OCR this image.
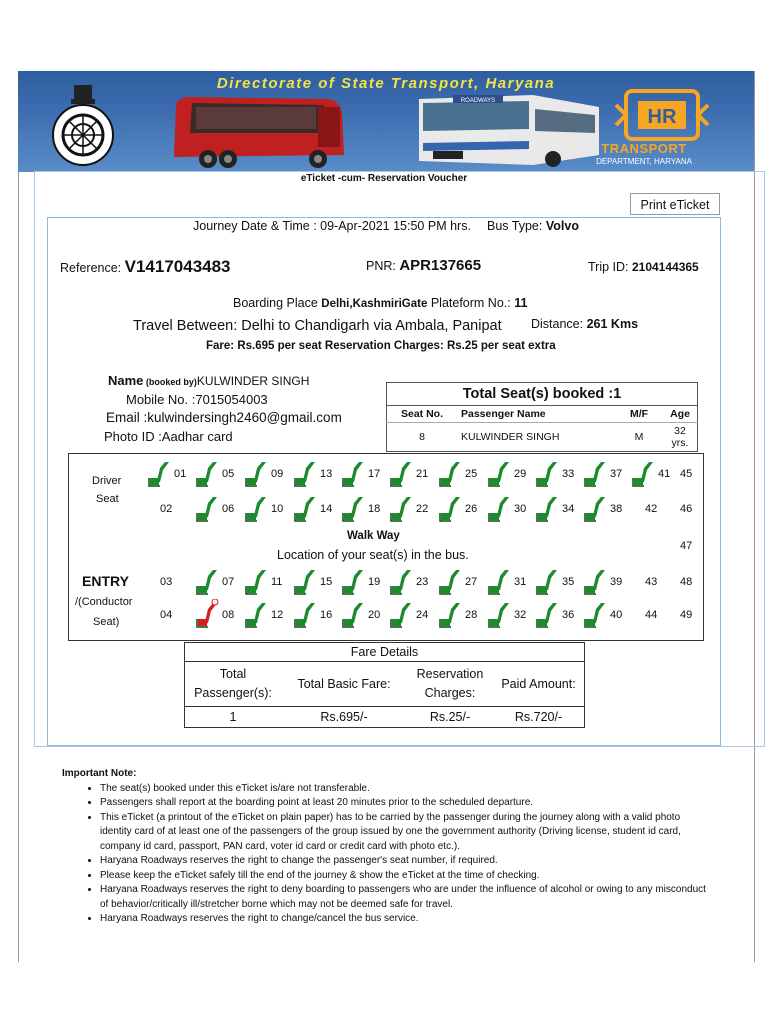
Directorate of State Transport, Haryana
ROADWAYS
HR
TRANSPORT
DEPARTMENT, HARYANA
eTicket -cum- Reservation Voucher
Print eTicket
Journey Date & Time : 09-Apr-2021 15:50 PM hrs. Bus Type: Volvo
Reference: V1417043483	PNR: APR137665	Trip ID: 2104144365
Boarding Place Delhi,KashmiriGate Plateform No.: 11
Travel Between: Delhi to Chandigarh via Ambala, Panipat Distance: 261 Kms
Fare: Rs.695 per seat Reservation Charges: Rs.25 per seat extra
Name (booked by)KULWINDER SINGH
Mobile No. :7015054003
Email :kulwindersingh2460@gmail.com
Photo ID :Aadhar card
Total Seat(s) booked :1			
Seat No.	Passenger Name	M/F	Age
8	KULWINDER SINGH	M	32 yrs.
Driver
Seat
Walk Way
Location of your seat(s) in the bus.
ENTRY
/(Conductor
Seat)
01	05	09	13	17	21	25	29	33	37	41 45
02	06	10	14	18	22	26	30	34	38 42 46
03	07	11	15	19	23	27	31	35	39 43 48
04	08	12	16	20	24	28	32	36	40 44 49
47
Fare Details			
Total Passenger(s):	Total Basic Fare:	Reservation Charges:	Paid Amount:
1	Rs.695/-	Rs.25/-	Rs.720/-
Important Note:
• The seat(s) booked under this eTicket is/are not transferable.
• Passengers shall report at the boarding point at least 20 minutes prior to the scheduled departure.
• This eTicket (a printout of the eTicket on plain paper) has to be carried by the passenger during the journey along with a valid photo identity card of at least one of the passengers of the group issued by one the government authority (Driving license, student id card, company id card, passport, PAN card, voter id card or credit card with photo etc.).
• Haryana Roadways reserves the right to change the passenger's seat number, if required.
• Please keep the eTicket safely till the end of the journey & show the eTicket at the time of checking.
• Haryana Roadways reserves the right to deny boarding to passengers who are under the influence of alcohol or owing to any misconduct of behavior/critically ill/stretcher borne which may not be deemed safe for travel.
• Haryana Roadways reserves the right to change/cancel the bus service.
